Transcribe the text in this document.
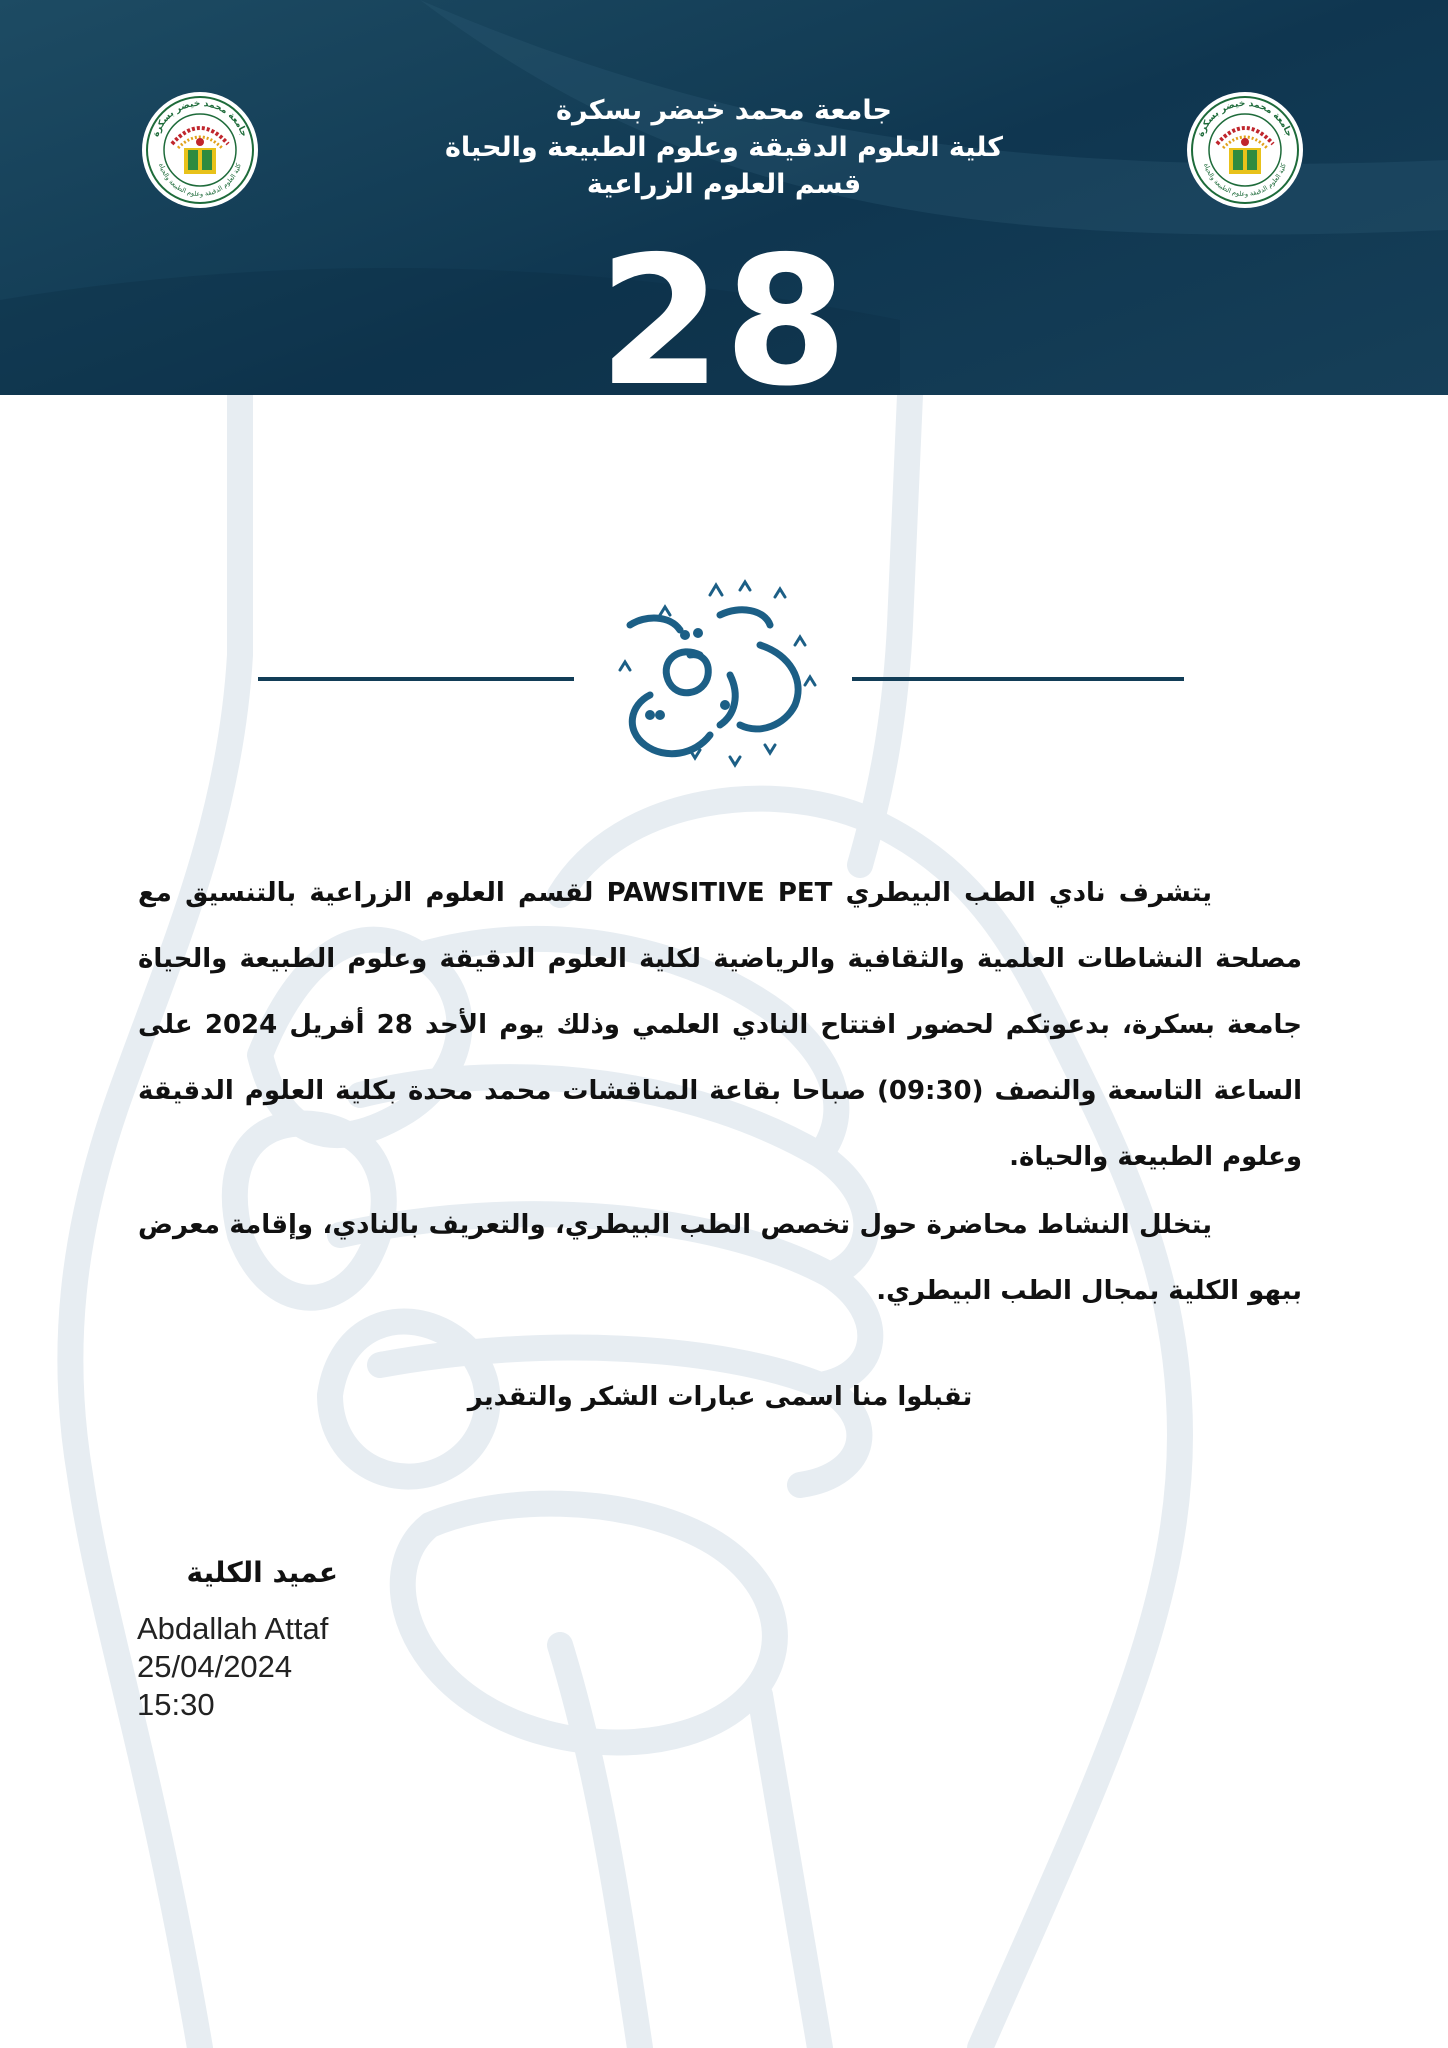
جامعة محمد خيضر بسكرة
كلية العلوم الدقيقة وعلوم الطبيعة والحياة
جامعة محمد خيضر بسكرة
كلية العلوم الدقيقة وعلوم الطبيعة والحياة
جامعة محمد خيضر بسكرة
كلية العلوم الدقيقة وعلوم الطبيعة والحياة
قسم العلوم الزراعية
28
دعوة

يتشرف نادي الطب البيطري PAWSITIVE PET لقسم العلوم الزراعية بالتنسيق مع مصلحة النشاطات العلمية والثقافية والرياضية لكلية العلوم الدقيقة وعلوم الطبيعة والحياة جامعة بسكرة، بدعوتكم لحضور افتتاح النادي العلمي وذلك يوم الأحد 28 أفريل 2024 على الساعة التاسعة والنصف (09:30) صباحا بقاعة المناقشات محمد محدة بكلية العلوم الدقيقة وعلوم الطبيعة والحياة.

يتخلل النشاط محاضرة حول تخصص الطب البيطري، والتعريف بالنادي، وإقامة معرض ببهو الكلية بمجال الطب البيطري.

تقبلوا منا اسمى عبارات الشكر والتقدير
عميد الكلية
Abdallah Attaf
25/04/2024
15:30
